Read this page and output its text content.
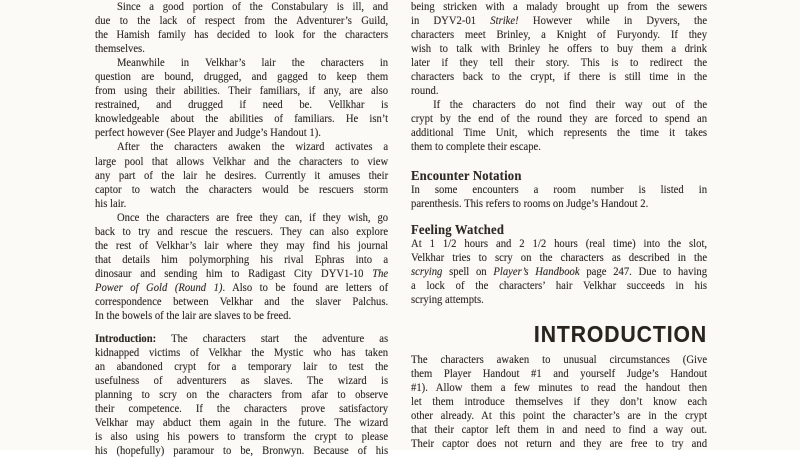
Since a good portion of the Constabulary is ill, and
due to the lack of respect from the Adventurer’s Guild,
the Hamish family has decided to look for the characters
themselves.
Meanwhile in Velkhar’s lair the characters in
question are bound, drugged, and gagged to keep them
from using their abilities. Their familiars, if any, are also
restrained, and drugged if need be. Vellkhar is
knowledgeable about the abilities of familiars. He isn’t
perfect however (See Player and Judge’s Handout 1).
After the characters awaken the wizard activates a
large pool that allows Velkhar and the characters to view
any part of the lair he desires. Currently it amuses their
captor to watch the characters would be rescuers storm
his lair.
Once the characters are free they can, if they wish, go
back to try and rescue the rescuers. They can also explore
the rest of Velkhar’s lair where they may find his journal
that details him polymorphing his rival Ephras into a
dinosaur and sending him to Radigast City DYV1-10 The
Power of Gold (Round 1). Also to be found are letters of
correspondence between Velkhar and the slaver Palchus.
In the bowels of the lair are slaves to be freed.
Introduction: The characters start the adventure as
kidnapped victims of Velkhar the Mystic who has taken
an abandoned crypt for a temporary lair to test the
usefulness of adventurers as slaves. The wizard is
planning to scry on the characters from afar to observe
their competence. If the characters prove satisfactory
Velkhar may abduct them again in the future. The wizard
is also using his powers to transform the crypt to please
his (hopefully) paramour to be, Bronwyn. Because of his
being stricken with a malady brought up from the sewers
in DYV2-01 Strike! However while in Dyvers, the
characters meet Brinley, a Knight of Furyondy. If they
wish to talk with Brinley he offers to buy them a drink
later if they tell their story. This is to redirect the
characters back to the crypt, if there is still time in the
round.
If the characters do not find their way out of the
crypt by the end of the round they are forced to spend an
additional Time Unit, which represents the time it takes
them to complete their escape.
Encounter Notation
In some encounters a room number is listed in
parenthesis. This refers to rooms on Judge’s Handout 2.
Feeling Watched
At 1 1/2 hours and 2 1/2 hours (real time) into the slot,
Velkhar tries to scry on the characters as described in the
scrying spell on Player’s Handbook page 247. Due to having
a lock of the characters’ hair Velkhar succeeds in his
scrying attempts.
INTRODUCTION
The characters awaken to unusual circumstances (Give
them Player Handout #1 and yourself Judge’s Handout
#1). Allow them a few minutes to read the handout then
let them introduce themselves if they don’t know each
other already. At this point the character’s are in the crypt
that their captor left them in and need to find a way out.
Their captor does not return and they are free to try and
